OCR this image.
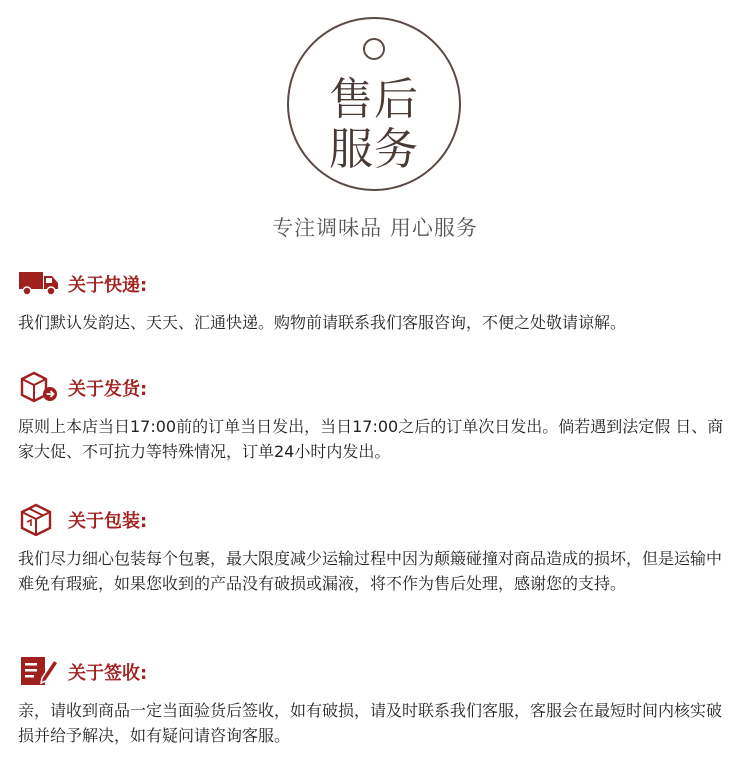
售后
服务
专注调味品 用心服务
关于快递:
我们默认发韵达、天天、汇通快递。购物前请联系我们客服咨询，不便之处敬请谅解。
关于发货:
原则上本店当日17:00前的订单当日发出，当日17:00之后的订单次日发出。倘若遇到法定假 日、商家大促、不可抗力等特殊情况，订单24小时内发出。
关于包装:
我们尽力细心包装每个包裹，最大限度减少运输过程中因为颠簸碰撞对商品造成的损坏，但是运输中难免有瑕疵，如果您收到的产品没有破损或漏液，将不作为售后处理，感谢您的支持。
关于签收:
亲，请收到商品一定当面验货后签收，如有破损，请及时联系我们客服，客服会在最短时间内核实破损并给予解决，如有疑问请咨询客服。
